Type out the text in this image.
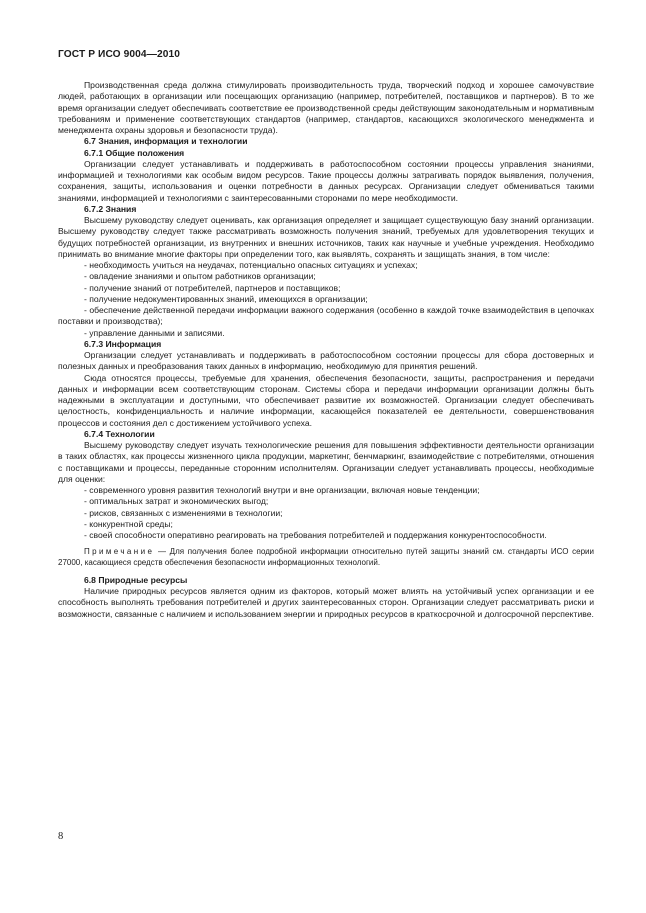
ГОСТ Р ИСО 9004—2010

Производственная среда должна стимулировать производительность труда, творческий подход и хорошее самочувствие людей, работающих в организации или посещающих организацию (например, потребителей, поставщиков и партнеров). В то же время организации следует обеспечивать соответствие ее производственной среды действующим законодательным и нормативным требованиям и применение соответствующих стандартов (например, стандартов, касающихся экологического менеджмента и менеджмента охраны здоровья и безопасности труда).

6.7 Знания, информация и технологии

6.7.1 Общие положения

Организации следует устанавливать и поддерживать в работоспособном состоянии процессы управления знаниями, информацией и технологиями как особым видом ресурсов. Такие процессы должны затрагивать порядок выявления, получения, сохранения, защиты, использования и оценки потребности в данных ресурсах. Организации следует обмениваться такими знаниями, информацией и технологиями с заинтересованными сторонами по мере необходимости.

6.7.2 Знания

Высшему руководству следует оценивать, как организация определяет и защищает существующую базу знаний организации. Высшему руководству следует также рассматривать возможность получения знаний, требуемых для удовлетворения текущих и будущих потребностей организации, из внутренних и внешних источников, таких как научные и учебные учреждения. Необходимо принимать во внимание многие факторы при определении того, как выявлять, сохранять и защищать знания, в том числе:

- необходимость учиться на неудачах, потенциально опасных ситуациях и успехах;

- овладение знаниями и опытом работников организации;

- получение знаний от потребителей, партнеров и поставщиков;

- получение недокументированных знаний, имеющихся в организации;

- обеспечение действенной передачи информации важного содержания (особенно в каждой точке взаимодействия в цепочках поставки и производства);

- управление данными и записями.

6.7.3 Информация

Организации следует устанавливать и поддерживать в работоспособном состоянии процессы для сбора достоверных и полезных данных и преобразования таких данных в информацию, необходимую для принятия решений.

Сюда относятся процессы, требуемые для хранения, обеспечения безопасности, защиты, распространения и передачи данных и информации всем соответствующим сторонам. Системы сбора и передачи информации организации должны быть надежными в эксплуатации и доступными, что обеспечивает развитие их возможностей. Организации следует обеспечивать целостность, конфиденциальность и наличие информации, касающейся показателей ее деятельности, совершенствования процессов и состояния дел с достижением устойчивого успеха.

6.7.4 Технологии

Высшему руководству следует изучать технологические решения для повышения эффективности деятельности организации в таких областях, как процессы жизненного цикла продукции, маркетинг, бенчмаркинг, взаимодействие с потребителями, отношения с поставщиками и процессы, переданные сторонним исполнителям. Организации следует устанавливать процессы, необходимые для оценки:

- современного уровня развития технологий внутри и вне организации, включая новые тенденции;

- оптимальных затрат и экономических выгод;

- рисков, связанных с изменениями в технологии;

- конкурентной среды;

- своей способности оперативно реагировать на требования потребителей и поддержания конкурентоспособности.

Примечание — Для получения более подробной информации относительно путей защиты знаний см. стандарты ИСО серии 27000, касающиеся средств обеспечения безопасности информационных технологий.

6.8 Природные ресурсы

Наличие природных ресурсов является одним из факторов, который может влиять на устойчивый успех организации и ее способность выполнять требования потребителей и других заинтересованных сторон. Организации следует рассматривать риски и возможности, связанные с наличием и использованием энергии и природных ресурсов в краткосрочной и долгосрочной перспективе.

8
